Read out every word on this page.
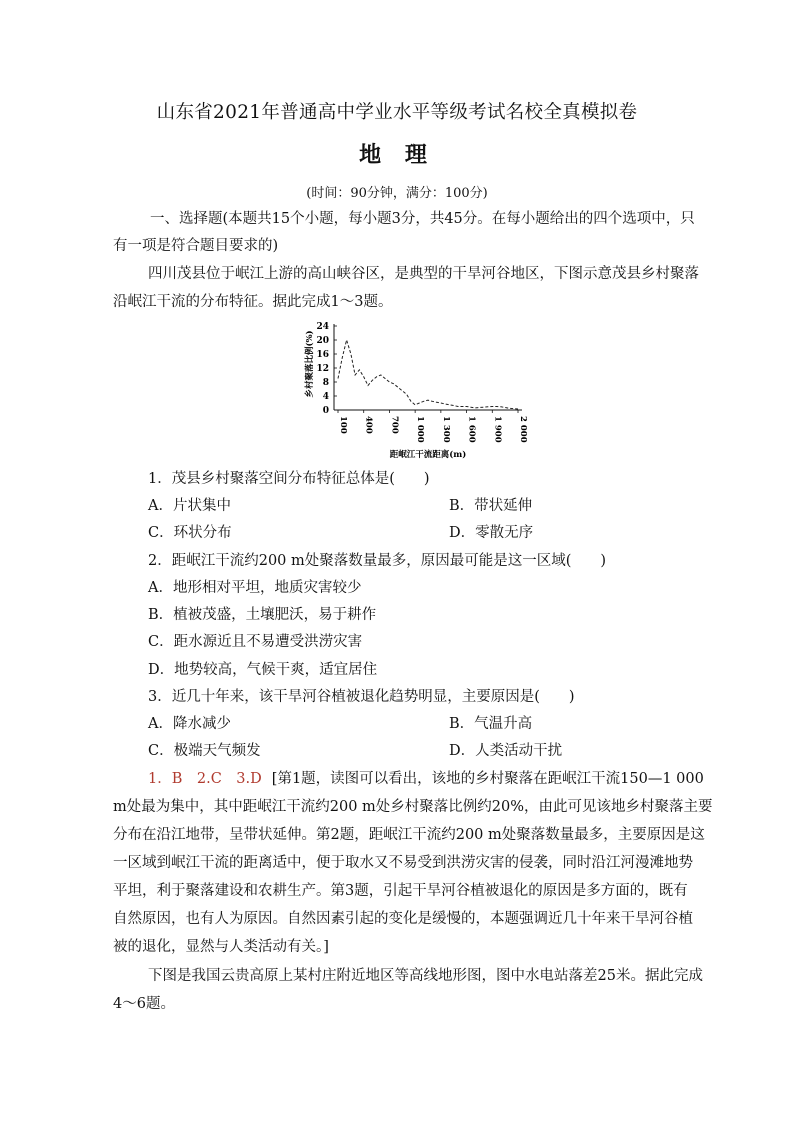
山东省2021年普通高中学业水平等级考试名校全真模拟卷
地 理
(时间：90分钟，满分：100分)
一、选择题(本题共15个小题，每小题3分，共45分。在每小题给出的四个选项中，只
有一项是符合题目要求的)
四川茂县位于岷江上游的高山峡谷区，是典型的干旱河谷地区，下图示意茂县乡村聚落
沿岷江干流的分布特征。据此完成1～3题。
乡村聚落比例(%)
0
4
8
12
16
20
24
100 400 700 1 000 1 300 1 600 1 900 2 000
距岷江干流距离(m)
1．茂县乡村聚落空间分布特征总体是(　　)
A．片状集中	B．带状延伸
C．环状分布	D．零散无序
2．距岷江干流约200 m处聚落数量最多，原因最可能是这一区域(　　)
A．地形相对平坦，地质灾害较少
B．植被茂盛，土壤肥沃，易于耕作
C．距水源近且不易遭受洪涝灾害
D．地势较高，气候干爽，适宜居住
3．近几十年来，该干旱河谷植被退化趋势明显，主要原因是(　　)
A．降水减少	B．气温升高
C．极端天气频发	D．人类活动干扰
1．B　2.C　3.D [第1题，读图可以看出，该地的乡村聚落在距岷江干流150—1 000
m处最为集中，其中距岷江干流约200 m处乡村聚落比例约20%，由此可见该地乡村聚落主要
分布在沿江地带，呈带状延伸。第2题，距岷江干流约200 m处聚落数量最多，主要原因是这
一区域到岷江干流的距离适中，便于取水又不易受到洪涝灾害的侵袭，同时沿江河漫滩地势
平坦，利于聚落建设和农耕生产。第3题，引起干旱河谷植被退化的原因是多方面的，既有
自然原因，也有人为原因。自然因素引起的变化是缓慢的，本题强调近几十年来干旱河谷植
被的退化，显然与人类活动有关。]
下图是我国云贵高原上某村庄附近地区等高线地形图，图中水电站落差25米。据此完成
4～6题。
